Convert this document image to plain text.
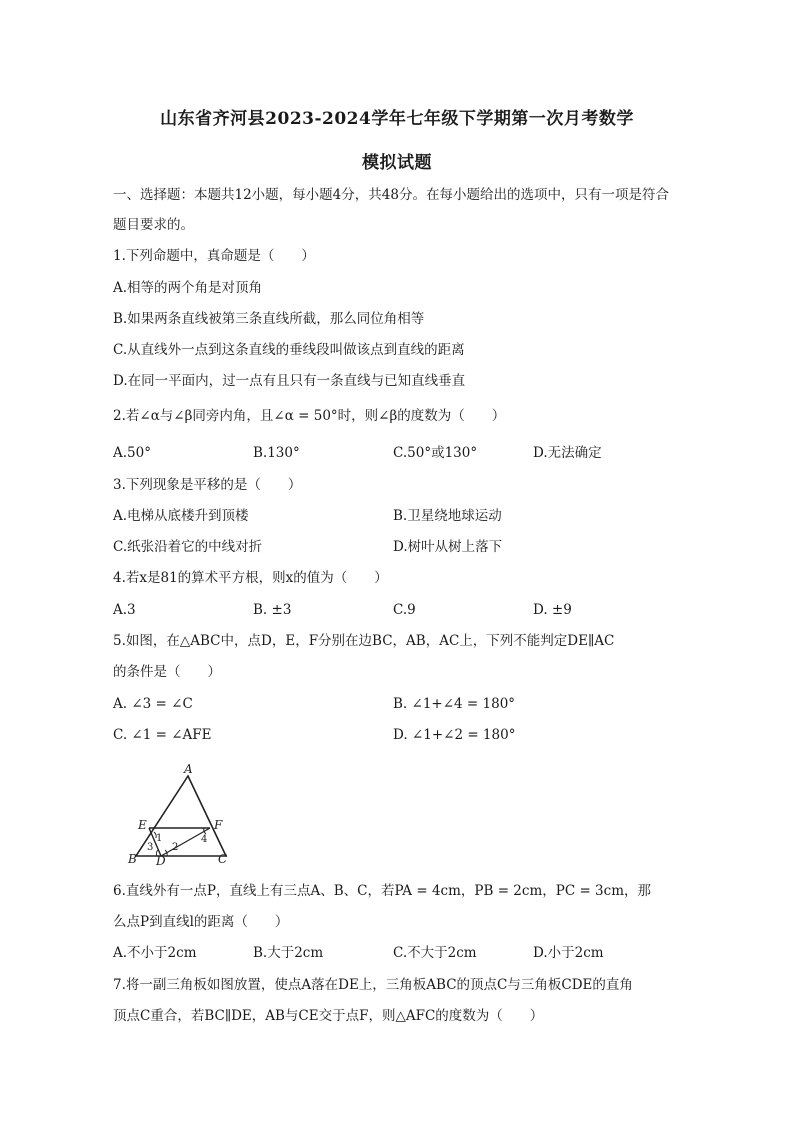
山东省齐河县2023-2024学年七年级下学期第一次月考数学
模拟试题
一、选择题：本题共12小题，每小题4分，共48分。在每小题给出的选项中，只有一项是符合
题目要求的。
1.下列命题中，真命题是（　　）
A.相等的两个角是对顶角
B.如果两条直线被第三条直线所截，那么同位角相等
C.从直线外一点到这条直线的垂线段叫做该点到直线的距离
D.在同一平面内，过一点有且只有一条直线与已知直线垂直
2.若∠α与∠β同旁内角，且∠α = 50°时，则∠β的度数为（　　）
A.50°	B.130°	C.50°或130°	D.无法确定
3.下列现象是平移的是（　　）
A.电梯从底楼升到顶楼	B.卫星绕地球运动
C.纸张沿着它的中线对折	D.树叶从树上落下
4.若x是81的算术平方根，则x的值为（　　）
A.3	B. ±3	C.9	D. ±9
5.如图，在△ABC中，点D，E，F分别在边BC，AB，AC上，下列不能判定DE∥AC
的条件是（　　）
A. ∠3 = ∠C	B. ∠1+∠4 = 180°
C. ∠1 = ∠AFE	D. ∠1+∠2 = 180°
A
E	F
B D	C
1
2
3
4
6.直线外有一点P，直线上有三点A、B、C，若PA = 4cm，PB = 2cm，PC = 3cm，那
么点P到直线l的距离（　　）
A.不小于2cm	B.大于2cm	C.不大于2cm	D.小于2cm
7.将一副三角板如图放置，使点A落在DE上，三角板ABC的顶点C与三角板CDE的直角
顶点C重合，若BC∥DE，AB与CE交于点F，则△AFC的度数为（　　）
